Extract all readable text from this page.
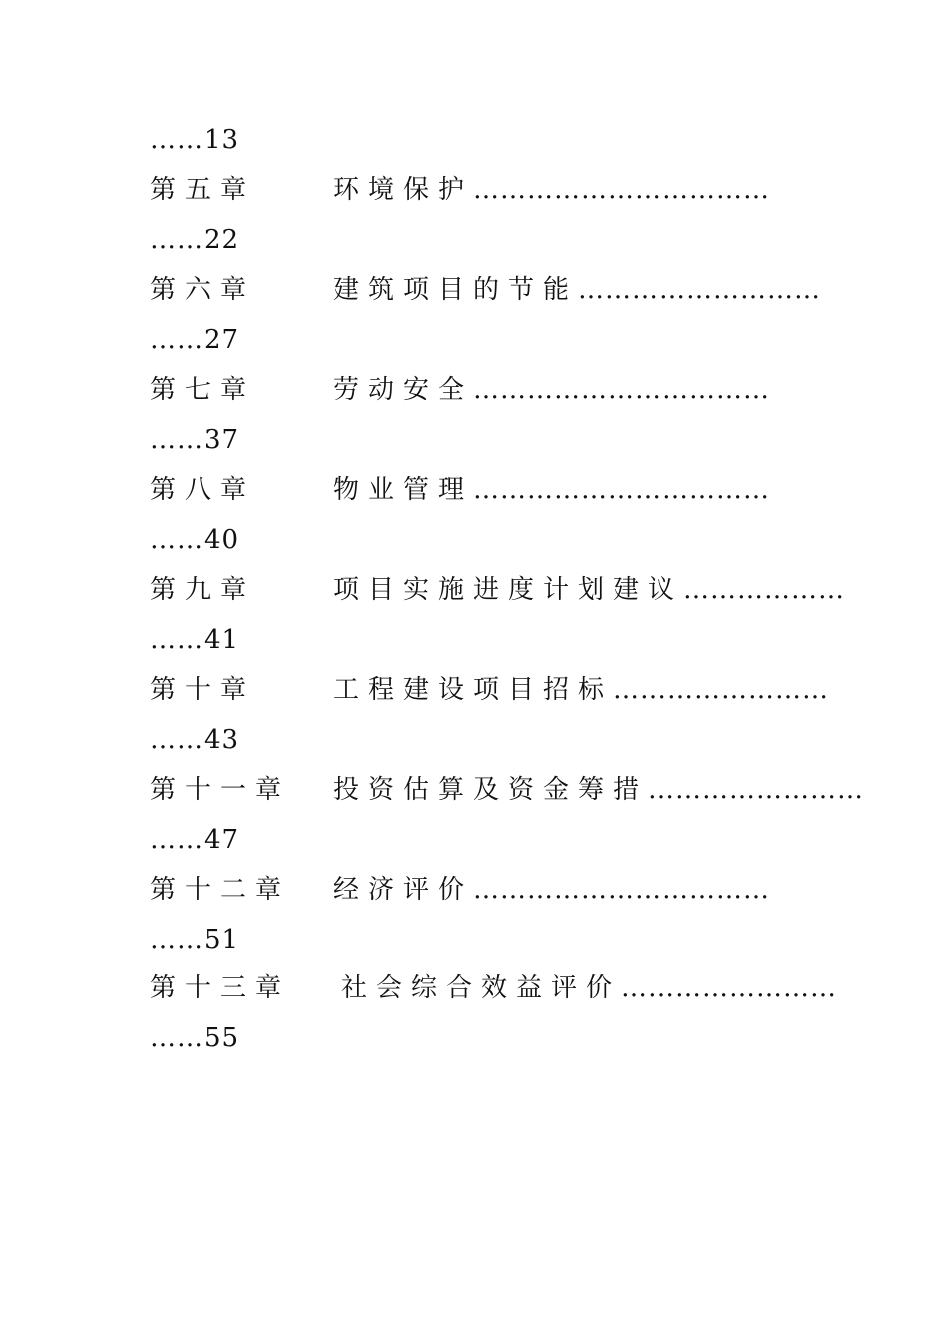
……13
第五章	环境保护……………………………
……22
第六章	建筑项目的节能………………………
……27
第七章	劳动安全……………………………
……37
第八章	物业管理……………………………
……40
第九章	项目实施进度计划建议………………
……41
第十章	工程建设项目招标……………………
……43
第十一章 投资估算及资金筹措……………………
……47
第十二章 经济评价……………………………
……51
第十三章 社会综合效益评价……………………
……55
